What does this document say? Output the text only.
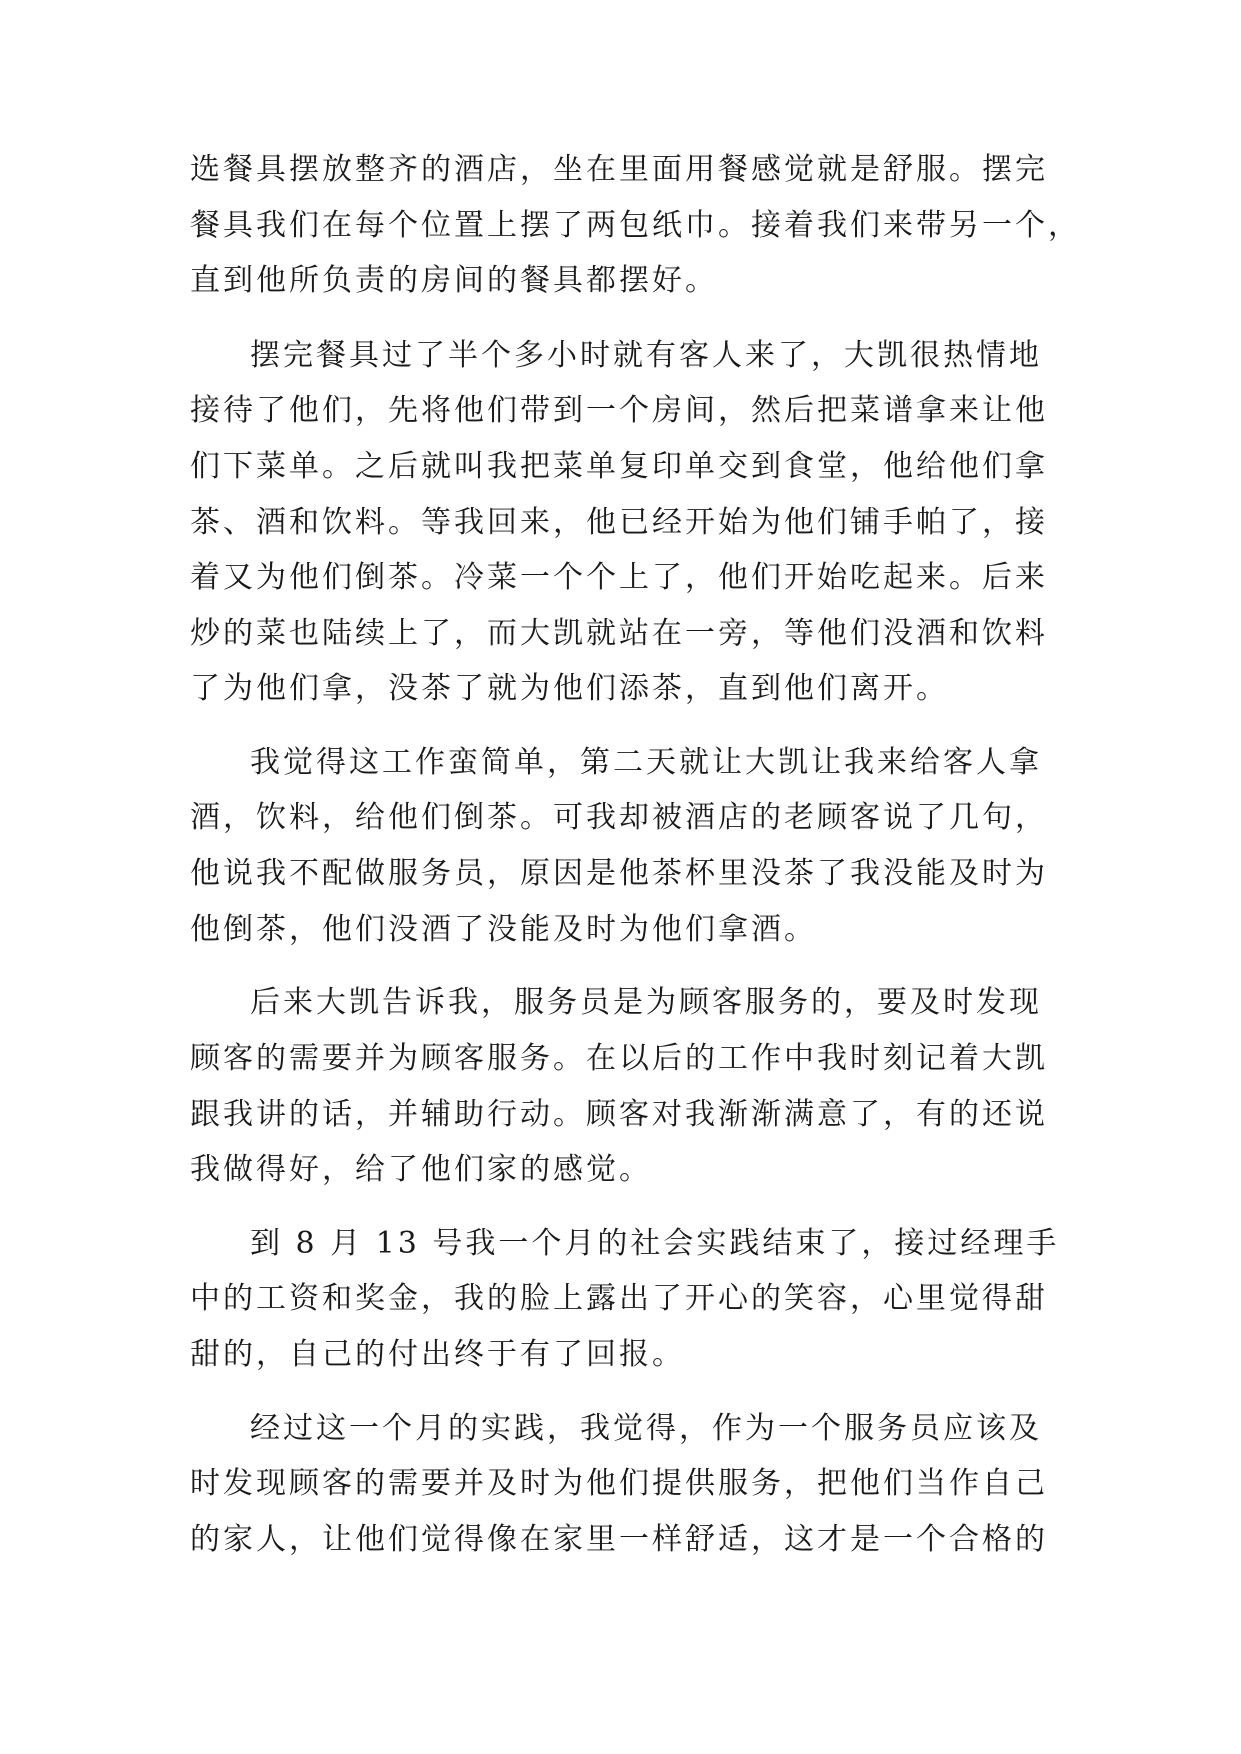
选餐具摆放整齐的酒店，坐在里面用餐感觉就是舒服。摆完

餐具我们在每个位置上摆了两包纸巾。接着我们来带另一个，

直到他所负责的房间的餐具都摆好。

摆完餐具过了半个多小时就有客人来了，大凯很热情地

接待了他们，先将他们带到一个房间，然后把菜谱拿来让他

们下菜单。之后就叫我把菜单复印单交到食堂，他给他们拿

茶、酒和饮料。等我回来，他已经开始为他们铺手帕了，接

着又为他们倒茶。冷菜一个个上了，他们开始吃起来。后来

炒的菜也陆续上了，而大凯就站在一旁，等他们没酒和饮料

了为他们拿，没茶了就为他们添茶，直到他们离开。

我觉得这工作蛮简单，第二天就让大凯让我来给客人拿

酒，饮料，给他们倒茶。可我却被酒店的老顾客说了几句，

他说我不配做服务员，原因是他茶杯里没茶了我没能及时为

他倒茶，他们没酒了没能及时为他们拿酒。

后来大凯告诉我，服务员是为顾客服务的，要及时发现

顾客的需要并为顾客服务。在以后的工作中我时刻记着大凯

跟我讲的话，并辅助行动。顾客对我渐渐满意了，有的还说

我做得好，给了他们家的感觉。

到 8 月 13 号我一个月的社会实践结束了，接过经理手

中的工资和奖金，我的脸上露出了开心的笑容，心里觉得甜

甜的，自己的付出终于有了回报。

经过这一个月的实践，我觉得，作为一个服务员应该及

时发现顾客的需要并及时为他们提供服务，把他们当作自己

的家人，让他们觉得像在家里一样舒适，这才是一个合格的
